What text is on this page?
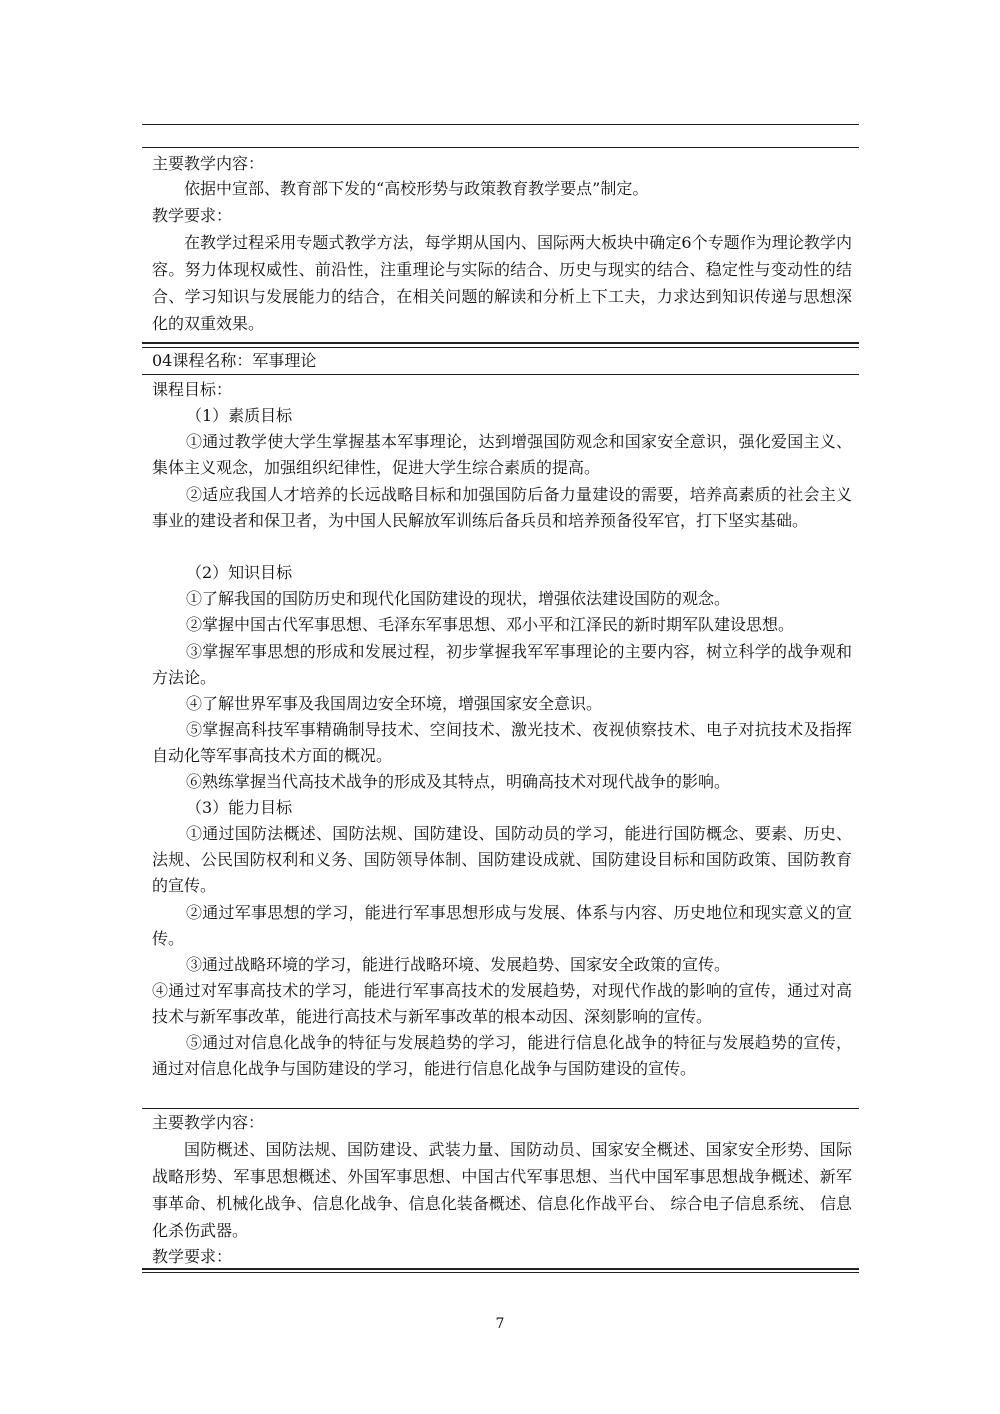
主要教学内容：
依据中宣部、教育部下发的“高校形势与政策教育教学要点”制定。
教学要求：
在教学过程采用专题式教学方法，每学期从国内、国际两大板块中确定6个专题作为理论教学内容。努力体现权威性、前沿性，注重理论与实际的结合、历史与现实的结合、稳定性与变动性的结合、学习知识与发展能力的结合，在相关问题的解读和分析上下工夫，力求达到知识传递与思想深化的双重效果。
04课程名称：军事理论
课程目标：
（1）素质目标
①通过教学使大学生掌握基本军事理论，达到增强国防观念和国家安全意识，强化爱国主义、集体主义观念，加强组织纪律性，促进大学生综合素质的提高。
②适应我国人才培养的长远战略目标和加强国防后备力量建设的需要，培养高素质的社会主义事业的建设者和保卫者，为中国人民解放军训练后备兵员和培养预备役军官，打下坚实基础。
（2）知识目标
①了解我国的国防历史和现代化国防建设的现状，增强依法建设国防的观念。
②掌握中国古代军事思想、毛泽东军事思想、邓小平和江泽民的新时期军队建设思想。
③掌握军事思想的形成和发展过程，初步掌握我军军事理论的主要内容，树立科学的战争观和方法论。
④了解世界军事及我国周边安全环境，增强国家安全意识。
⑤掌握高科技军事精确制导技术、空间技术、激光技术、夜视侦察技术、电子对抗技术及指挥自动化等军事高技术方面的概况。
⑥熟练掌握当代高技术战争的形成及其特点，明确高技术对现代战争的影响。
（3）能力目标
①通过国防法概述、国防法规、国防建设、国防动员的学习，能进行国防概念、要素、历史、法规、公民国防权利和义务、国防领导体制、国防建设成就、国防建设目标和国防政策、国防教育的宣传。
②通过军事思想的学习，能进行军事思想形成与发展、体系与内容、历史地位和现实意义的宣传。
③通过战略环境的学习，能进行战略环境、发展趋势、国家安全政策的宣传。
④通过对军事高技术的学习，能进行军事高技术的发展趋势，对现代作战的影响的宣传，通过对高技术与新军事改革，能进行高技术与新军事改革的根本动因、深刻影响的宣传。
⑤通过对信息化战争的特征与发展趋势的学习，能进行信息化战争的特征与发展趋势的宣传，通过对信息化战争与国防建设的学习，能进行信息化战争与国防建设的宣传。
主要教学内容：
国防概述、国防法规、国防建设、武装力量、国防动员、国家安全概述、国家安全形势、国际战略形势、军事思想概述、外国军事思想、中国古代军事思想、当代中国军事思想战争概述、新军事革命、机械化战争、信息化战争、信息化装备概述、信息化作战平台、 综合电子信息系统、 信息化杀伤武器。
教学要求：
7
